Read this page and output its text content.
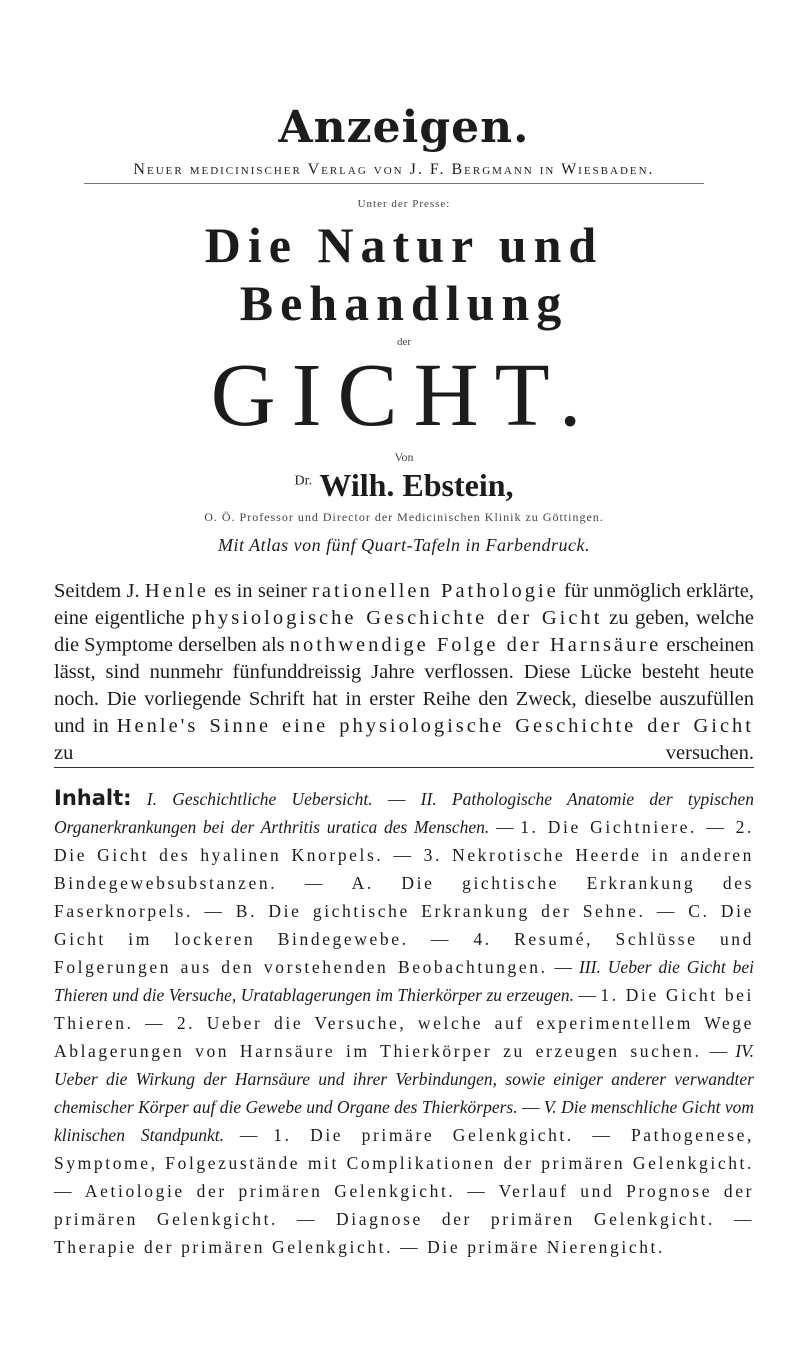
Anzeigen.
Neuer medicinischer Verlag von J. F. Bergmann in Wiesbaden.
Unter der Presse:
Die Natur und Behandlung
der
GICHT.
Von
$^{Dr.}$ Wilh. Ebstein,
O. Ö. Professor und Director der Medicinischen Klinik zu Göttingen.
Mit Atlas von fünf Quart-Tafeln in Farbendruck.
Seitdem J. Henle es in seiner rationellen Pathologie für unmöglich erklärte, eine eigentliche physiologische Geschichte der Gicht zu geben, welche die Symptome derselben als nothwendige Folge der Harnsäure erscheinen lässt, sind nunmehr fünfunddreissig Jahre verflossen. Diese Lücke besteht heute noch. Die vorliegende Schrift hat in erster Reihe den Zweck, dieselbe auszufüllen und in Henle's Sinne eine physiologische Geschichte der Gicht zu versuchen.
Inhalt: I. Geschichtliche Uebersicht. — II. Pathologische Anatomie der typischen Organerkrankungen bei der Arthritis uratica des Menschen. — 1. Die Gichtniere. — 2. Die Gicht des hyalinen Knorpels. — 3. Nekrotische Heerde in anderen Bindegewebsubstanzen. — A. Die gichtische Erkrankung des Faserknorpels. — B. Die gichtische Erkrankung der Sehne. — C. Die Gicht im lockeren Bindegewebe. — 4. Resumé, Schlüsse und Folgerungen aus den vorstehenden Beobachtungen. — III. Ueber die Gicht bei Thieren und die Versuche, Uratablagerungen im Thierkörper zu erzeugen. — 1. Die Gicht bei Thieren. — 2. Ueber die Versuche, welche auf experimentellem Wege Ablagerungen von Harnsäure im Thierkörper zu erzeugen suchen. — IV. Ueber die Wirkung der Harnsäure und ihrer Verbindungen, sowie einiger anderer verwandter chemischer Körper auf die Gewebe und Organe des Thierkörpers. — V. Die menschliche Gicht vom klinischen Standpunkt. — 1. Die primäre Gelenkgicht. — Pathogenese, Symptome, Folgezustände mit Complikationen der primären Gelenkgicht. — Aetiologie der primären Gelenkgicht. — Verlauf und Prognose der primären Gelenkgicht. — Diagnose der primären Gelenkgicht. — Therapie der primären Gelenkgicht. — Die primäre Nierengicht.
